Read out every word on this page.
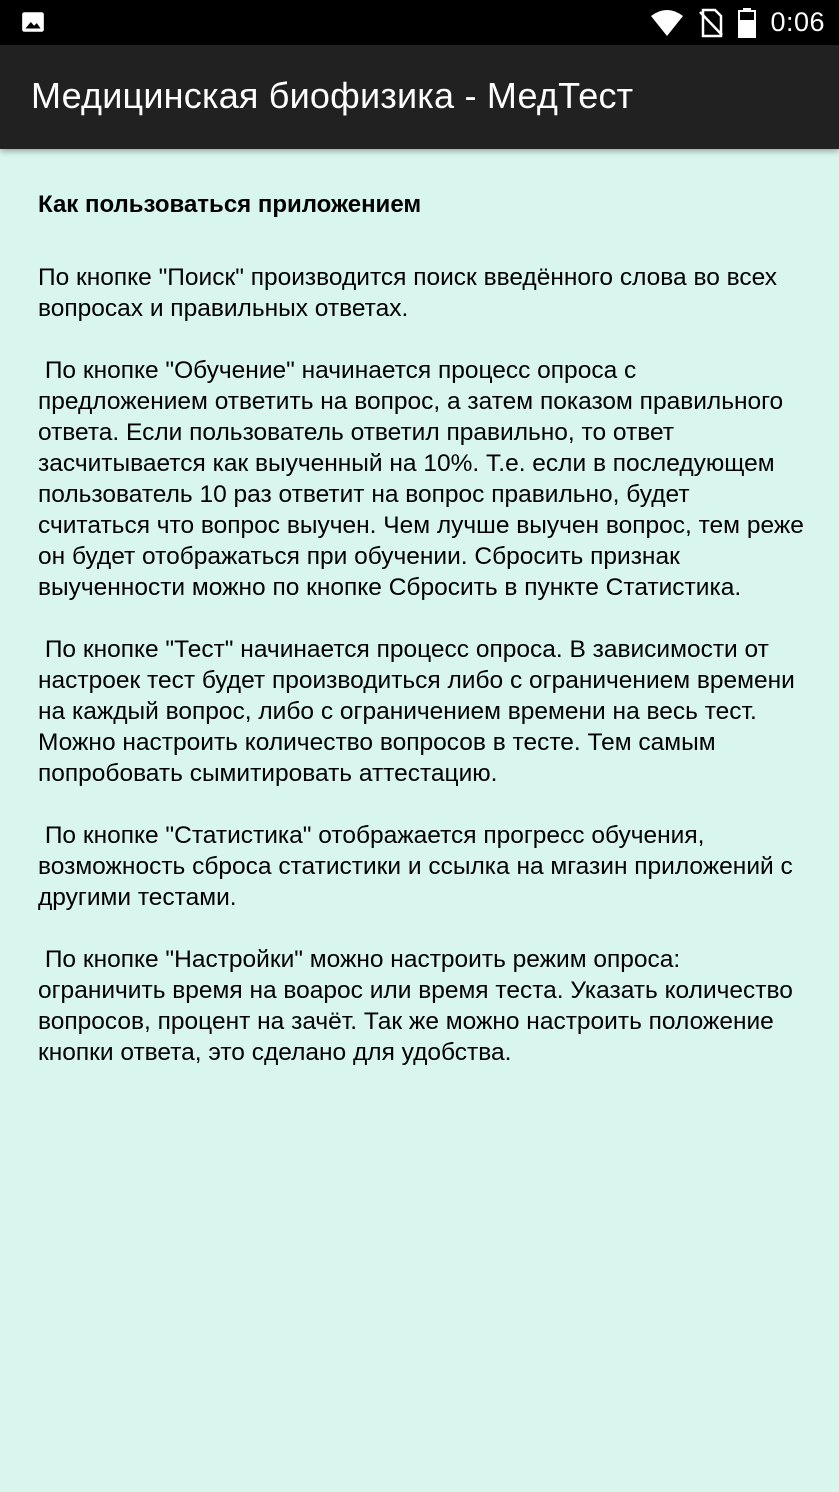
0:06
Медицинская биофизика - МедТест
Как пользоваться приложением

По кнопке "Поиск" производится поиск введённого слова во всех вопросах и правильных ответах.

По кнопке "Обучение" начинается процесс опроса с предложением ответить на вопрос, а затем показом правильного ответа. Если пользователь ответил правильно, то ответ засчитывается как выученный на 10%. Т.е. если в последующем пользователь 10 раз ответит на вопрос правильно, будет считаться что вопрос выучен. Чем лучше выучен вопрос, тем реже он будет отображаться при обучении. Сбросить признак выученности можно по кнопке Сбросить в пункте Статистика.

По кнопке "Тест" начинается процесс опроса. В зависимости от настроек тест будет производиться либо с ограничением времени на каждый вопрос, либо с ограничением времени на весь тест. Можно настроить количество вопросов в тесте. Тем самым попробовать сымитировать аттестацию.

По кнопке "Статистика" отображается прогресс обучения, возможность сброса статистики и ссылка на мгазин приложений с другими тестами.

По кнопке "Настройки" можно настроить режим опроса: ограничить время на воарос или время теста. Указать количество вопросов, процент на зачёт. Так же можно настроить положение кнопки ответа, это сделано для удобства.
